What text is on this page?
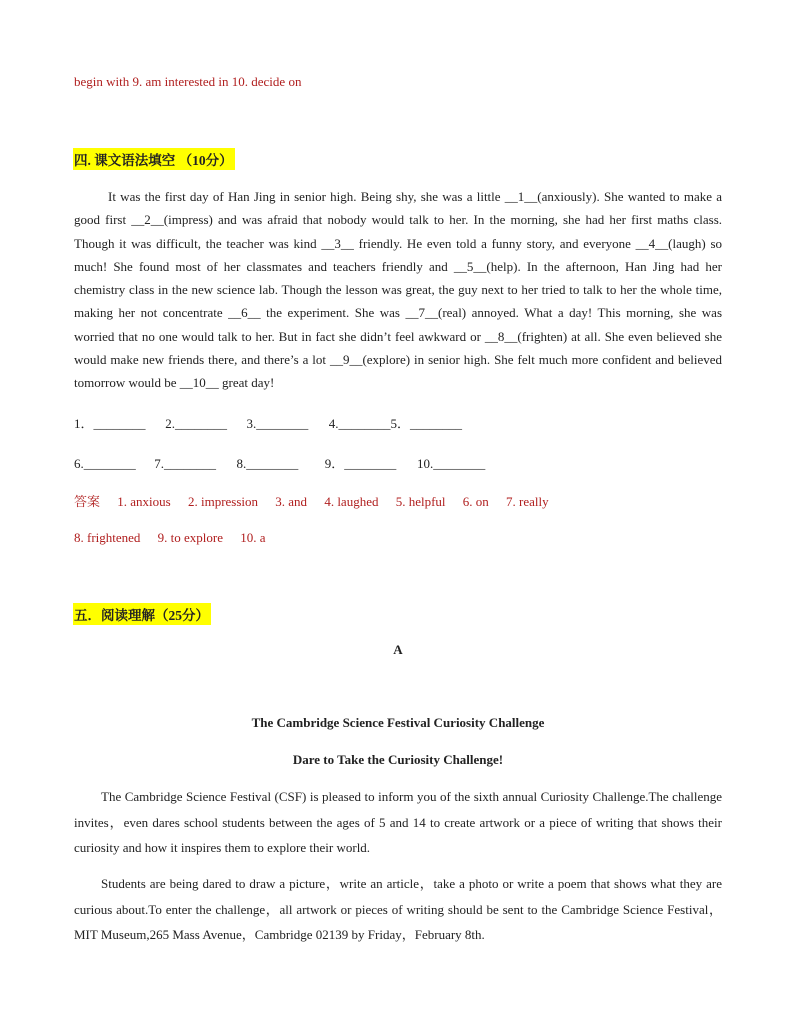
begin with 9. am interested in 10. decide on
四. 课文语法填空 （10分）
It was the first day of Han Jing in senior high. Being shy, she was a little __1__(anxiously). She wanted to make a good first __2__(impress) and was afraid that nobody would talk to her. In the morning, she had her first maths class. Though it was difficult, the teacher was kind __3__ friendly. He even told a funny story, and everyone __4__(laugh) so much! She found most of her classmates and teachers friendly and __5__(help). In the afternoon, Han Jing had her chemistry class in the new science lab. Though the lesson was great, the guy next to her tried to talk to her the whole time, making her not concentrate __6__ the experiment. She was __7__(real) annoyed. What a day! This morning, she was worried that no one would talk to her. But in fact she didn’t feel awkward or __8__(frighten) at all. She even believed she would make new friends there, and there’s a lot __9__(explore) in senior high. She felt much more confident and believed tomorrow would be __10__ great day!
1．________ 2.________ 3.________ 4.________5．________
6.________ 7.________ 8.________ 9．________ 10.________
答案 1. anxious 2. impression 3. and 4. laughed 5. helpful 6. on 7. really
8. frightened 9. to explore 10. a
五．阅读理解（25分）
A
The Cambridge Science Festival Curiosity Challenge
Dare to Take the Curiosity Challenge!
The Cambridge Science Festival (CSF) is pleased to inform you of the sixth annual Curiosity Challenge.The challenge invites，even dares school students between the ages of 5 and 14 to create artwork or a piece of writing that shows their curiosity and how it inspires them to explore their world.
Students are being dared to draw a picture，write an article，take a photo or write a poem that shows what they are curious about.To enter the challenge，all artwork or pieces of writing should be sent to the Cambridge Science Festival，MIT Museum,265 Mass Avenue，Cambridge 02139 by Friday，February 8th.
